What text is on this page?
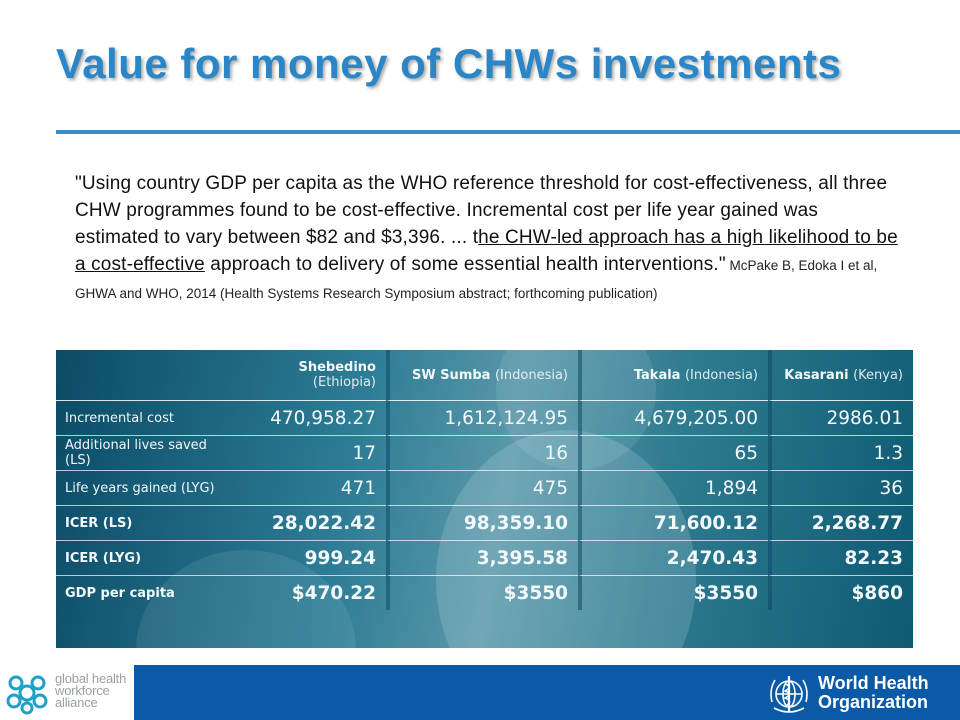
Value for money of CHWs investments

"Using country GDP per capita as the WHO reference threshold for cost-effectiveness, all three CHW programmes found to be cost-effective. Incremental cost per life year gained was estimated to vary between $82 and $3,396. ... the CHW-led approach has a high likelihood to be a cost-effective approach to delivery of some essential health interventions." McPake B, Edoka I et al, GHWA and WHO, 2014 (Health Systems Research Symposium abstract; forthcoming publication)

	Shebedino (Ethiopia)	SW Sumba (Indonesia)	Takala (Indonesia)	Kasarani (Kenya)
Incremental cost	470,958.27	1,612,124.95	4,679,205.00	2986.01
Additional lives saved (LS)	17	16	65	1.3
Life years gained (LYG)	471	475	1,894	36
ICER (LS)	28,022.42	98,359.10	71,600.12	2,268.77
ICER (LYG)	999.24	3,395.58	2,470.43	82.23
GDP per capita	$470.22	$3550	$3550	$860
global health
workforce
alliance
World Health
Organization
